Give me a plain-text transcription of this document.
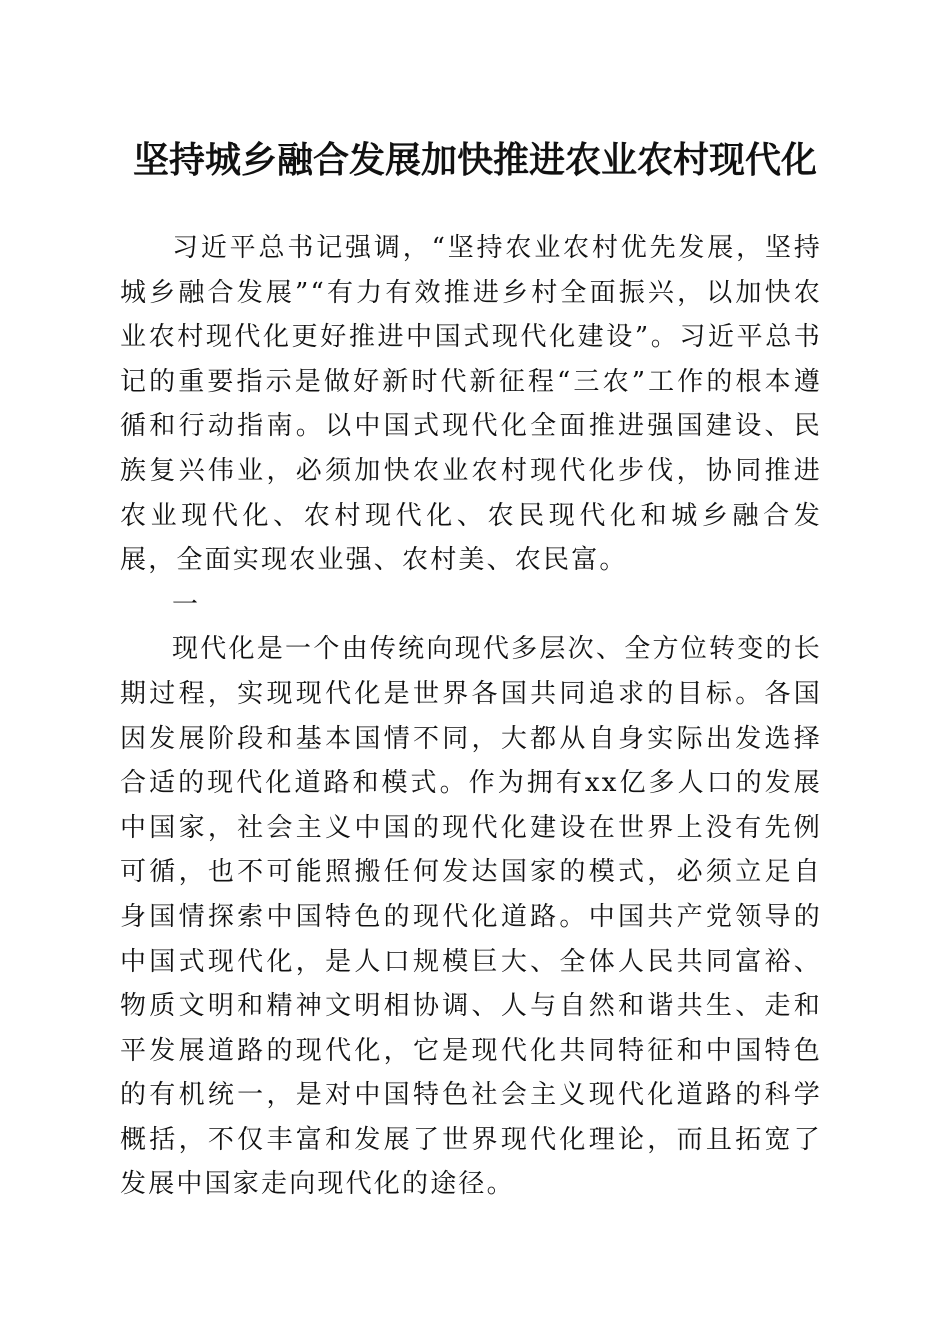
坚持城乡融合发展加快推进农业农村现代化

习近平总书记强调，“坚持农业农村优先发展，坚持城乡融合发展”“有力有效推进乡村全面振兴，以加快农业农村现代化更好推进中国式现代化建设”。习近平总书记的重要指示是做好新时代新征程“三农”工作的根本遵循和行动指南。以中国式现代化全面推进强国建设、民族复兴伟业，必须加快农业农村现代化步伐，协同推进农业现代化、农村现代化、农民现代化和城乡融合发展，全面实现农业强、农村美、农民富。

一

现代化是一个由传统向现代多层次、全方位转变的长期过程，实现现代化是世界各国共同追求的目标。各国因发展阶段和基本国情不同，大都从自身实际出发选择合适的现代化道路和模式。作为拥有xx亿多人口的发展中国家，社会主义中国的现代化建设在世界上没有先例可循，也不可能照搬任何发达国家的模式，必须立足自身国情探索中国特色的现代化道路。中国共产党领导的中国式现代化，是人口规模巨大、全体人民共同富裕、物质文明和精神文明相协调、人与自然和谐共生、走和平发展道路的现代化，它是现代化共同特征和中国特色的有机统一，是对中国特色社会主义现代化道路的科学概括，不仅丰富和发展了世界现代化理论，而且拓宽了发展中国家走向现代化的途径。
